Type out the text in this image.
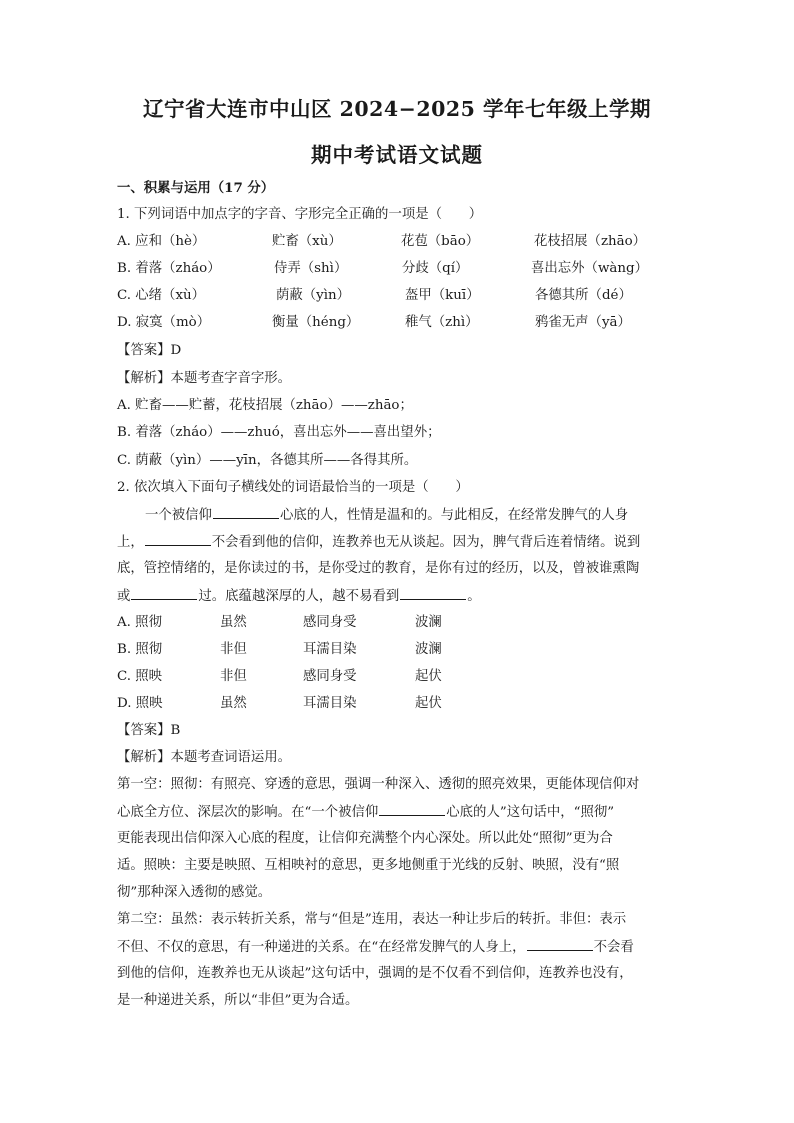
辽宁省大连市中山区 2024−2025 学年七年级上学期
期中考试语文试题
一、积累与运用（17 分）
1. 下列词语中加点字的字音、字形完全正确的一项是（　　）
A. 应和（hè）	贮畜（xù）	花苞（bāo）	花枝招展（zhāo）
B. 着落（zháo）	侍弄（shì）	分歧（qí）	喜出忘外（wàng）
C. 心绪（xù）	荫蔽（yìn）	盔甲（kuī）	各德其所（dé）
D. 寂寞（mò）	衡量（héng）	稚气（zhì）	鸦雀无声（yā）
【答案】D
【解析】本题考查字音字形。
A. 贮畜——贮蓄，花枝招展（zhāo）——zhāo；
B. 着落（zháo）——zhuó，喜出忘外——喜出望外；
C. 荫蔽（yìn）——yīn，各德其所——各得其所。
2. 依次填入下面句子横线处的词语最恰当的一项是（　　）
一个被信仰	心底的人，性情是温和的。与此相反，在经常发脾气的人身
上，	不会看到他的信仰，连教养也无从谈起。因为，脾气背后连着情绪。说到
底，管控情绪的，是你读过的书，是你受过的教育，是你有过的经历，以及，曾被谁熏陶
或	过。底蕴越深厚的人，越不易看到	。
A. 照彻	虽然	感同身受	波澜
B. 照彻	非但	耳濡目染	波澜
C. 照映	非但	感同身受	起伏
D. 照映	虽然	耳濡目染	起伏
【答案】B
【解析】本题考查词语运用。
第一空：照彻：有照亮、穿透的意思，强调一种深入、透彻的照亮效果，更能体现信仰对
心底全方位、深层次的影响。在“一个被信仰	心底的人”这句话中，“照彻”
更能表现出信仰深入心底的程度，让信仰充满整个内心深处。所以此处“照彻”更为合
适。照映：主要是映照、互相映衬的意思，更多地侧重于光线的反射、映照，没有“照
彻”那种深入透彻的感觉。
第二空：虽然：表示转折关系，常与“但是”连用，表达一种让步后的转折。非但：表示
不但、不仅的意思，有一种递进的关系。在“在经常发脾气的人身上，	不会看
到他的信仰，连教养也无从谈起”这句话中，强调的是不仅看不到信仰，连教养也没有，
是一种递进关系，所以“非但”更为合适。
